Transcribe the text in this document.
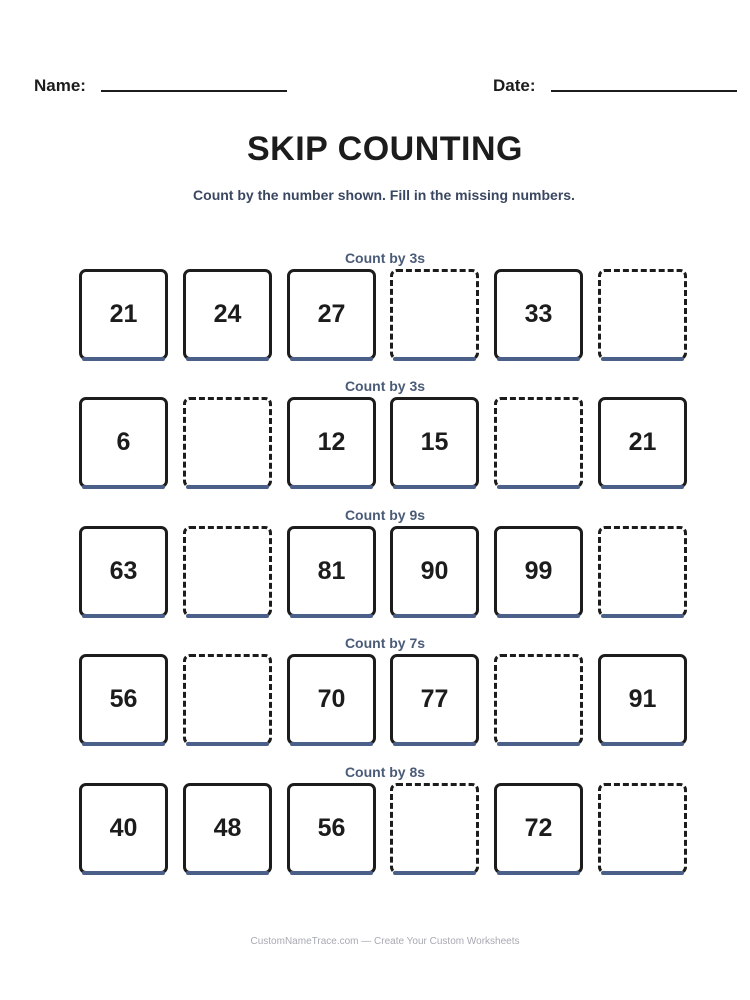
Name:	Date:
SKIP COUNTING
Count by the number shown. Fill in the missing numbers.
Count by 3s
21	24	27	33
Count by 3s
6	12	15	21
Count by 9s
63	81	90	99
Count by 7s
56	70	77	91
Count by 8s
40	48	56	72
CustomNameTrace.com — Create Your Custom Worksheets
